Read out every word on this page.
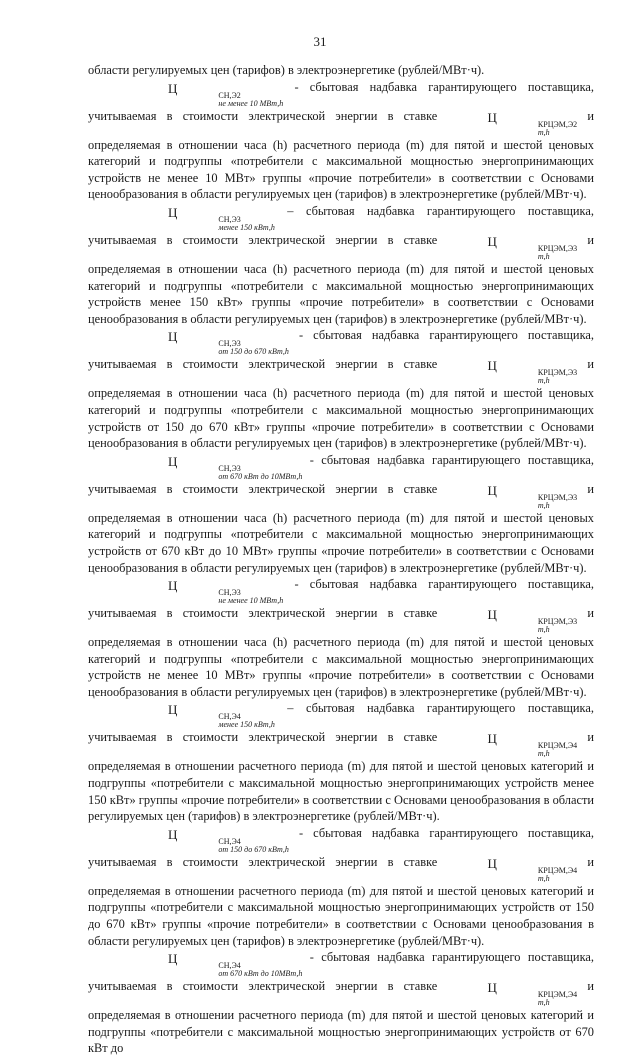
31

области регулируемых цен (тарифов) в электроэнергетике (рублей/МВт·ч).

Ц	СН,Э2
не менее 10 МВт,h
- сбытовая надбавка гарантирующего поставщика, учитываемая в стоимости электрической энергии в ставке	Ц	КРЦЭМ,Э2
m,h
и определяемая в отношении часа (h) расчетного периода (m) для пятой и шестой ценовых категорий и подгруппы «потребители с максимальной мощностью энергопринимающих устройств не менее 10 МВт» группы «прочие потребители» в соответствии с Основами ценообразования в области регулируемых цен (тарифов) в электроэнергетике (рублей/МВт·ч).

Ц	СН,Э3
менее 150 кВт,h
– сбытовая надбавка гарантирующего поставщика, учитываемая в стоимости электрической энергии в ставке	Ц	КРЦЭМ,Э3
m,h
и определяемая в отношении часа (h) расчетного периода (m) для пятой и шестой ценовых категорий и подгруппы «потребители с максимальной мощностью энергопринимающих устройств менее 150 кВт» группы «прочие потребители» в соответствии с Основами ценообразования в области регулируемых цен (тарифов) в электроэнергетике (рублей/МВт·ч).

Ц	СН,Э3
от 150 до 670 кВт,h
- сбытовая надбавка гарантирующего поставщика, учитываемая в стоимости электрической энергии в ставке	Ц	КРЦЭМ,Э3
m,h
и определяемая в отношении часа (h) расчетного периода (m) для пятой и шестой ценовых категорий и подгруппы «потребители с максимальной мощностью энергопринимающих устройств от 150 до 670 кВт» группы «прочие потребители» в соответствии с Основами ценообразования в области регулируемых цен (тарифов) в электроэнергетике (рублей/МВт·ч).

Ц	СН,Э3
от 670 кВт до 10МВт,h
- сбытовая надбавка гарантирующего поставщика, учитываемая в стоимости электрической энергии в ставке	Ц	КРЦЭМ,Э3
m,h
и определяемая в отношении часа (h) расчетного периода (m) для пятой и шестой ценовых категорий и подгруппы «потребители с максимальной мощностью энергопринимающих устройств от 670 кВт до 10 МВт» группы «прочие потребители» в соответствии с Основами ценообразования в области регулируемых цен (тарифов) в электроэнергетике (рублей/МВт·ч).

Ц	СН,Э3
не менее 10 МВт,h
- сбытовая надбавка гарантирующего поставщика, учитываемая в стоимости электрической энергии в ставке	Ц	КРЦЭМ,Э3
m,h
и определяемая в отношении часа (h) расчетного периода (m) для пятой и шестой ценовых категорий и подгруппы «потребители с максимальной мощностью энергопринимающих устройств не менее 10 МВт» группы «прочие потребители» в соответствии с Основами ценообразования в области регулируемых цен (тарифов) в электроэнергетике (рублей/МВт·ч).

Ц	СН,Э4
менее 150 кВт,h
– сбытовая надбавка гарантирующего поставщика, учитываемая в стоимости электрической энергии в ставке	Ц	КРЦЭМ,Э4
m,h
и определяемая в отношении расчетного периода (m) для пятой и шестой ценовых категорий и подгруппы «потребители с максимальной мощностью энергопринимающих устройств менее 150 кВт» группы «прочие потребители» в соответствии с Основами ценообразования в области регулируемых цен (тарифов) в электроэнергетике (рублей/МВт·ч).

Ц	СН,Э4
от 150 до 670 кВт,h
- сбытовая надбавка гарантирующего поставщика, учитываемая в стоимости электрической энергии в ставке	Ц	КРЦЭМ,Э4
m,h
и определяемая в отношении расчетного периода (m) для пятой и шестой ценовых категорий и подгруппы «потребители с максимальной мощностью энергопринимающих устройств от 150 до 670 кВт» группы «прочие потребители» в соответствии с Основами ценообразования в области регулируемых цен (тарифов) в электроэнергетике (рублей/МВт·ч).

Ц	СН,Э4
от 670 кВт до 10МВт,h
- сбытовая надбавка гарантирующего поставщика, учитываемая в стоимости электрической энергии в ставке	Ц	КРЦЭМ,Э4
m,h
и определяемая в отношении расчетного периода (m) для пятой и шестой ценовых категорий и подгруппы «потребители с максимальной мощностью энергопринимающих устройств от 670 кВт до
